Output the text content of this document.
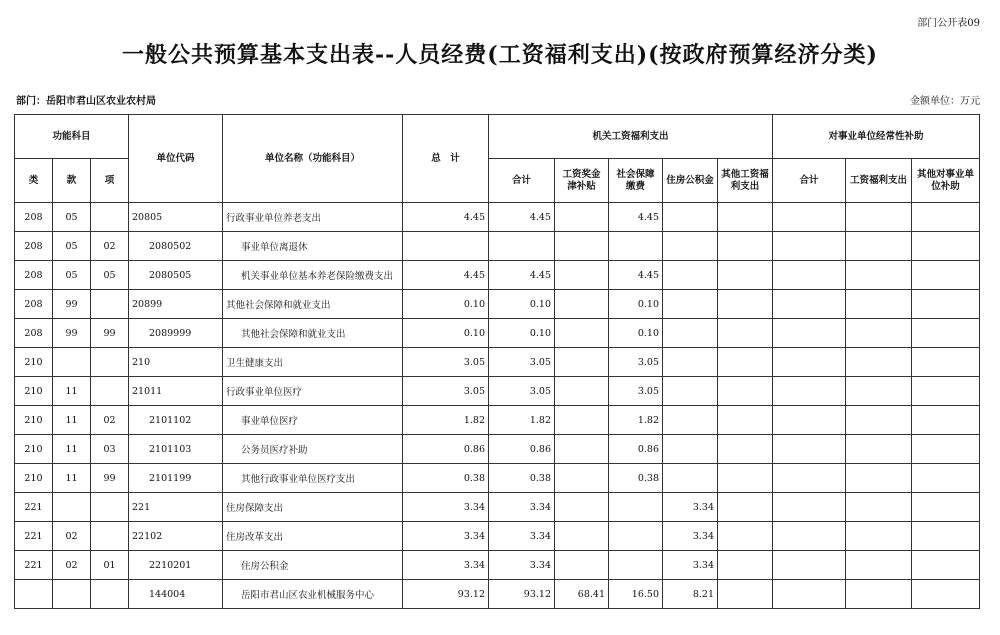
部门公开表09
一般公共预算基本支出表--人员经费(工资福利支出)(按政府预算经济分类)
部门：岳阳市君山区农业农村局	金额单位：万元
功能科目			单位代码	单位名称（功能科目）	总　计	机关工资福利支出					对事业单位经常性补助		
类	款	项				合计	工资奖金津补贴	社会保障缴费	住房公积金	其他工资福利支出	合计	工资福利支出	其他对事业单位补助
208	05		20805	行政事业单位养老支出	4.45	4.45		4.45					
208	05	02	2080502	事业单位离退休									
208	05	05	2080505	机关事业单位基本养老保险缴费支出	4.45	4.45		4.45					
208	99		20899	其他社会保障和就业支出	0.10	0.10		0.10					
208	99	99	2089999	其他社会保障和就业支出	0.10	0.10		0.10					
210			210	卫生健康支出	3.05	3.05		3.05					
210	11		21011	行政事业单位医疗	3.05	3.05		3.05					
210	11	02	2101102	事业单位医疗	1.82	1.82		1.82					
210	11	03	2101103	公务员医疗补助	0.86	0.86		0.86					
210	11	99	2101199	其他行政事业单位医疗支出	0.38	0.38		0.38					
221			221	住房保障支出	3.34	3.34			3.34				
221	02		22102	住房改革支出	3.34	3.34			3.34				
221	02	01	2210201	住房公积金	3.34	3.34			3.34				
			144004	岳阳市君山区农业机械服务中心	93.12	93.12	68.41	16.50	8.21				
